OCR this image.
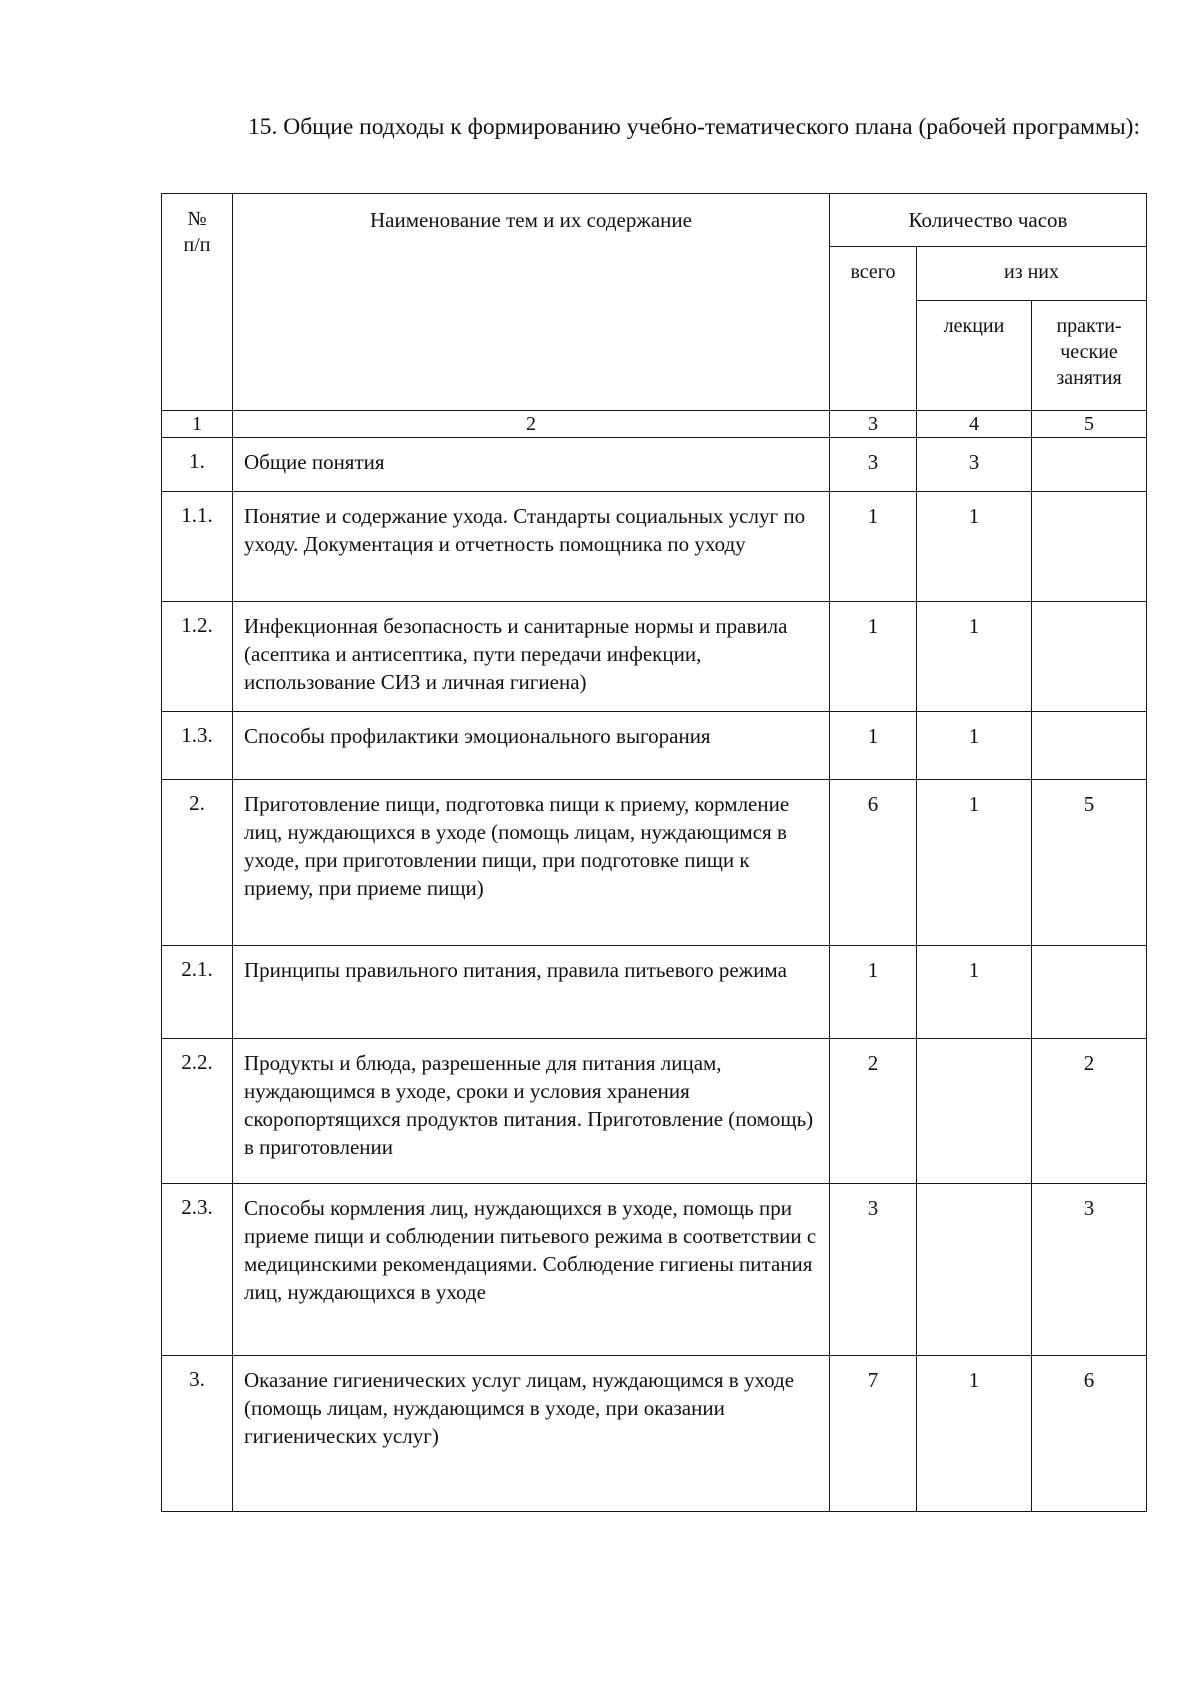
15. Общие подходы к формированию учебно-тематического плана (рабочей программы):
№
п/п	Наименование тем и их содержание	Количество часов		
		всего	из них	
			лекции	практи-
ческие
занятия
1	2	3	4	5
1.	Общие понятия	3	3	
1.1.	Понятие и содержание ухода. Стандарты социальных услуг по уходу. Документация и отчетность помощника по уходу	1	1	
1.2.	Инфекционная безопасность и санитарные нормы и правила (асептика и антисептика, пути передачи инфекции, использование СИЗ и личная гигиена)	1	1	
1.3.	Способы профилактики эмоционального выгорания	1	1	
2.	Приготовление пищи, подготовка пищи к приему, кормление лиц, нуждающихся в уходе (помощь лицам, нуждающимся в уходе, при приготовлении пищи, при подготовке пищи к приему, при приеме пищи)	6	1	5
2.1.	Принципы правильного питания, правила питьевого режима	1	1	
2.2.	Продукты и блюда, разрешенные для питания лицам, нуждающимся в уходе, сроки и условия хранения скоропортящихся продуктов питания. Приготовление (помощь) в приготовлении	2		2
2.3.	Способы кормления лиц, нуждающихся в уходе, помощь при приеме пищи и соблюдении питьевого режима в соответствии с медицинскими рекомендациями. Соблюдение гигиены питания лиц, нуждающихся в уходе	3		3
3.	Оказание гигиенических услуг лицам, нуждающимся в уходе (помощь лицам, нуждающимся в уходе, при оказании гигиенических услуг)	7	1	6
